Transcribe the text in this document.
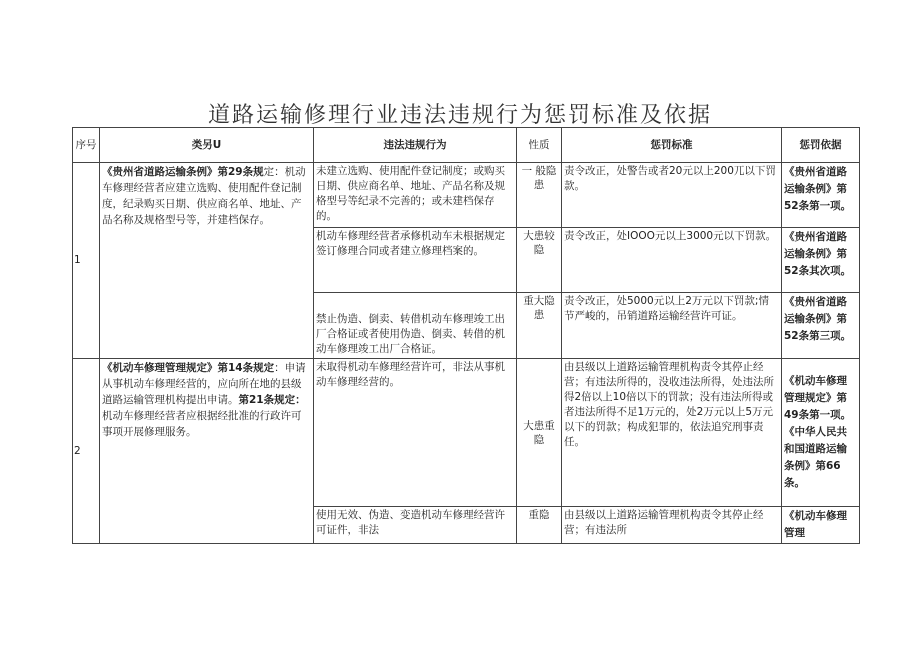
道路运输修理行业违法违规行为惩罚标准及依据
序号	类另U	违法违规行为	性质	惩罚标准	惩罚依据
1	《贵州省道路运输条例》第29条规定：机动车修理经营者应建立选购、使用配件登记制度，纪录购买日期、供应商名单、地址、产品名称及规格型号等，并建档保存。	未建立选购、使用配件登记制度；或购买日期、供应商名单、地址、产品名称及规格型号等纪录不完善的；或未建档保存的。	一 般隐 患	责令改正，处警告或者20元以上200兀以下罚款。	《贵州省道路运输条例》第52条第一项。
		机动车修理经营者承修机动车未根据规定签订修理合同或者建立修理档案的。	大患较隐	责令改正，处IOOO元以上3000元以下罚款。	《贵州省道路运输条例》第52条其次项。
		禁止伪造、倒卖、转借机动车修理竣工出厂合格证或者使用伪造、倒卖、转借的机动车修理竣工出厂合格证。	重大隐患	责令改正，处5000元以上2万元以下罚款;情节严峻的，吊销道路运输经营许可证。	《贵州省道路运输条例》第52条第三项。
2	《机动车修理管理规定》第14条规定：申请从事机动车修理经营的，应向所在地的县级道路运输管理机构提出申请。第21条规定：机动车修理经营者应根据经批准的行政许可事项开展修理服务。	未取得机动车修理经营许可，非法从事机动车修理经营的。	大患重隐	由县级以上道路运输管理机构责令其停止经营；有违法所得的，没收违法所得，处违法所得2倍以上10倍以下的罚款；没有违法所得或者违法所得不足1万元的，处2万元以上5万元以下的罚款；构成犯罪的，依法追究刑事责任。	《机动车修理管理规定》第49条第一项。
《中华人民共和国道路运输条例》第66条。

		使用无效、伪造、变造机动车修理经营许可证件，非法	重隐	由县级以上道路运输管理机构责令其停止经营；有违法所	《机动车修理管理
